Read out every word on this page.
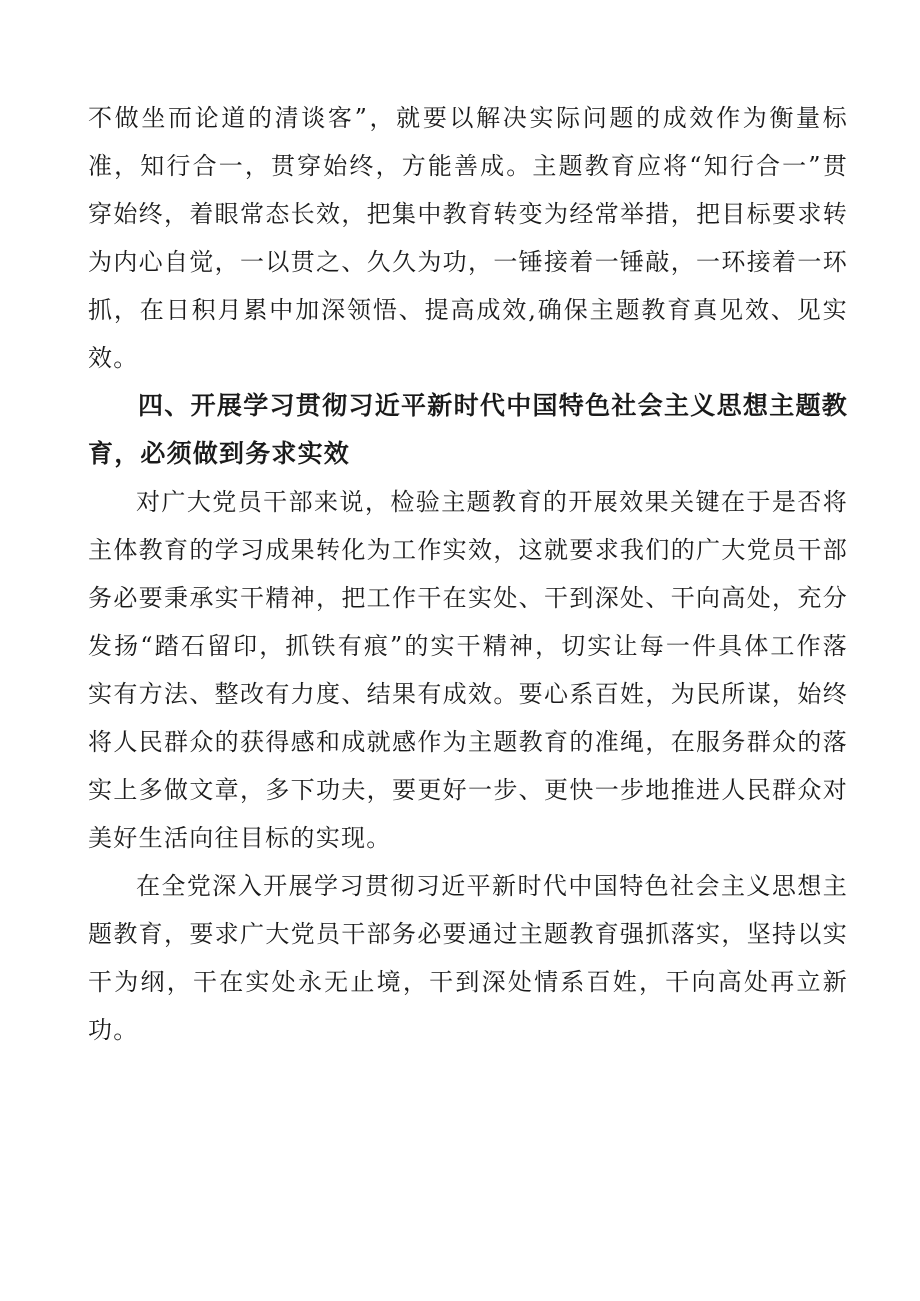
不做坐而论道的清谈客”，就要以解决实际问题的成效作为衡量标准，知行合一，贯穿始终，方能善成。主题教育应将“知行合一”贯穿始终，着眼常态长效，把集中教育转变为经常举措，把目标要求转为内心自觉，一以贯之、久久为功，一锤接着一锤敲，一环接着一环抓，在日积月累中加深领悟、提高成效,确保主题教育真见效、见实效。

四、开展学习贯彻习近平新时代中国特色社会主义思想主题教育，必须做到务求实效

对广大党员干部来说，检验主题教育的开展效果关键在于是否将主体教育的学习成果转化为工作实效，这就要求我们的广大党员干部务必要秉承实干精神，把工作干在实处、干到深处、干向高处，充分发扬“踏石留印，抓铁有痕”的实干精神，切实让每一件具体工作落实有方法、整改有力度、结果有成效。要心系百姓，为民所谋，始终将人民群众的获得感和成就感作为主题教育的准绳，在服务群众的落实上多做文章，多下功夫，要更好一步、更快一步地推进人民群众对美好生活向往目标的实现。

在全党深入开展学习贯彻习近平新时代中国特色社会主义思想主题教育，要求广大党员干部务必要通过主题教育强抓落实，坚持以实干为纲，干在实处永无止境，干到深处情系百姓，干向高处再立新功。
